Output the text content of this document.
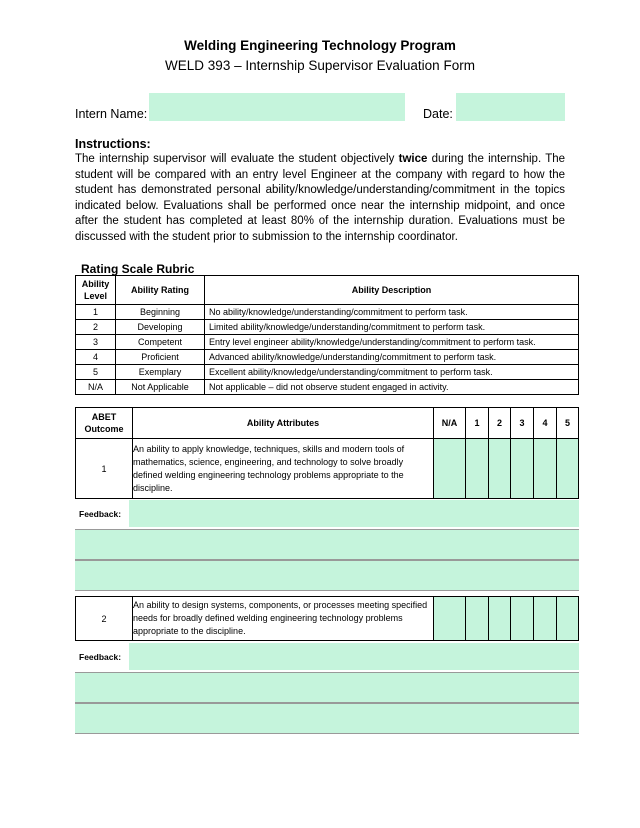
Welding Engineering Technology Program
WELD 393 – Internship Supervisor Evaluation Form
Intern Name:	Date:
Instructions:
The internship supervisor will evaluate the student objectively twice during the internship. The student will be compared with an entry level Engineer at the company with regard to how the student has demonstrated personal ability/knowledge/understanding/commitment in the topics indicated below. Evaluations shall be performed once near the internship midpoint, and once after the student has completed at least 80% of the internship duration. Evaluations must be discussed with the student prior to submission to the internship coordinator.
Rating Scale Rubric
Ability Level	Ability Rating	Ability Description
1	Beginning	No ability/knowledge/understanding/commitment to perform task.
2	Developing	Limited ability/knowledge/understanding/commitment to perform task.
3	Competent	Entry level engineer ability/knowledge/understanding/commitment to perform task.
4	Proficient	Advanced ability/knowledge/understanding/commitment to perform task.
5	Exemplary	Excellent ability/knowledge/understanding/commitment to perform task.
N/A	Not Applicable	Not applicable – did not observe student engaged in activity.
ABET Outcome	Ability Attributes	N/A	1	2	3	4	5
1	An ability to apply knowledge, techniques, skills and modern tools of mathematics, science, engineering, and technology to solve broadly defined welding engineering technology problems appropriate to the discipline.						
Feedback:
2	An ability to design systems, components, or processes meeting specified needs for broadly defined welding engineering technology problems appropriate to the discipline.						
Feedback:
